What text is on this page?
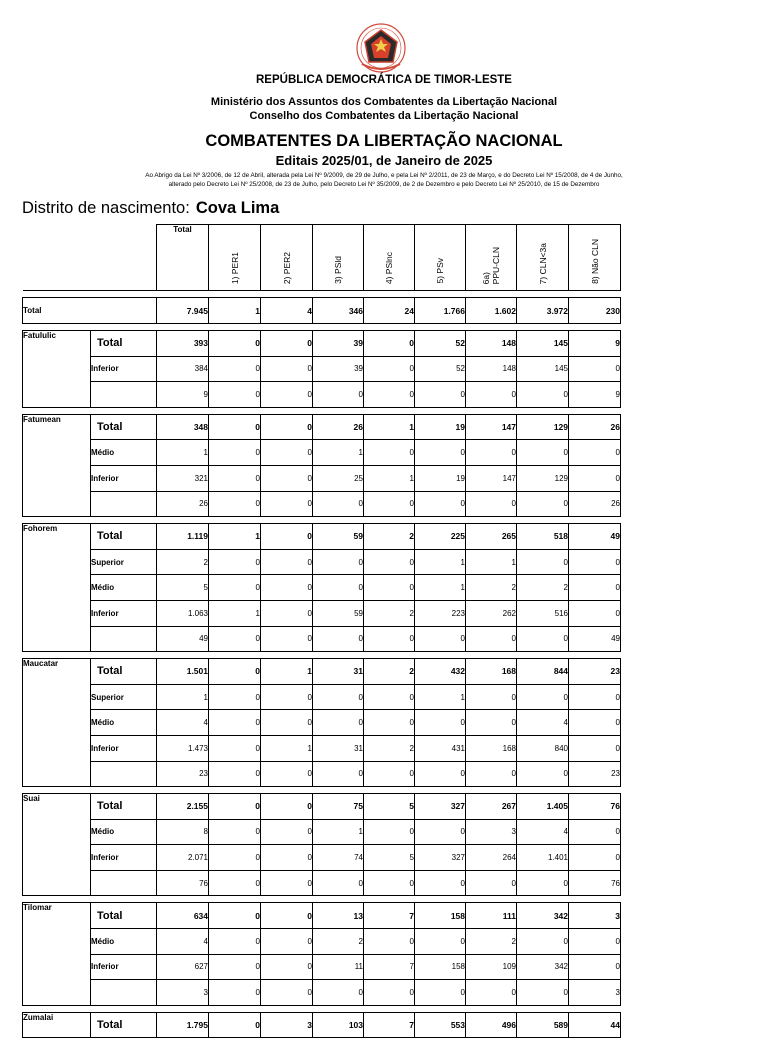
REPÚBLICA DEMOCRÁTICA DE TIMOR-LESTE
Ministério dos Assuntos dos Combatentes da Libertação Nacional
Conselho dos Combatentes da Libertação Nacional
COMBATENTES DA LIBERTAÇÃO NACIONAL
Editais 2025/01, de Janeiro de 2025
Ao Abrigo da Lei Nº 3/2006, de 12 de Abril, alterada pela Lei Nº 9/2009, de 29 de Julho, e pela Lei Nº 2/2011, de 23 de Março, e do Decreto Lei Nº 15/2008, de 4 de Junho,
alterado pelo Decreto Lei Nº 25/2008, de 23 de Julho, pelo Decreto Lei Nº 35/2009, de 2 de Dezembro e pelo Decreto Lei Nº 25/2010, de 15 de Dezembro
Distrito de nascimento: Cova Lima
		Total	1) PER1	2) PER2	3) PSld	4) PSlnc	5) PSv	6a)
PPU-CLN	7) CLN<3a	8) Não CLN

Total		7.945	1	4	346	24	1.766	1.602	3.972	230

Fatululic	Total	393	0	0	39	0	52	148	145	9
	Inferior	384	0	0	39	0	52	148	145	0
		9	0	0	0	0	0	0	0	9

Fatumean	Total	348	0	0	26	1	19	147	129	26
	Médio	1	0	0	1	0	0	0	0	0
	Inferior	321	0	0	25	1	19	147	129	0
		26	0	0	0	0	0	0	0	26

Fohorem	Total	1.119	1	0	59	2	225	265	518	49
	Superior	2	0	0	0	0	1	1	0	0
	Médio	5	0	0	0	0	1	2	2	0
	Inferior	1.063	1	0	59	2	223	262	516	0
		49	0	0	0	0	0	0	0	49

Maucatar	Total	1.501	0	1	31	2	432	168	844	23
	Superior	1	0	0	0	0	1	0	0	0
	Médio	4	0	0	0	0	0	0	4	0
	Inferior	1.473	0	1	31	2	431	168	840	0
		23	0	0	0	0	0	0	0	23

Suai	Total	2.155	0	0	75	5	327	267	1.405	76
	Médio	8	0	0	1	0	0	3	4	0
	Inferior	2.071	0	0	74	5	327	264	1.401	0
		76	0	0	0	0	0	0	0	76

Tilomar	Total	634	0	0	13	7	158	111	342	3
	Médio	4	0	0	2	0	0	2	0	0
	Inferior	627	0	0	11	7	158	109	342	0
		3	0	0	0	0	0	0	0	3

Zumalai	Total	1.795	0	3	103	7	553	496	589	44
